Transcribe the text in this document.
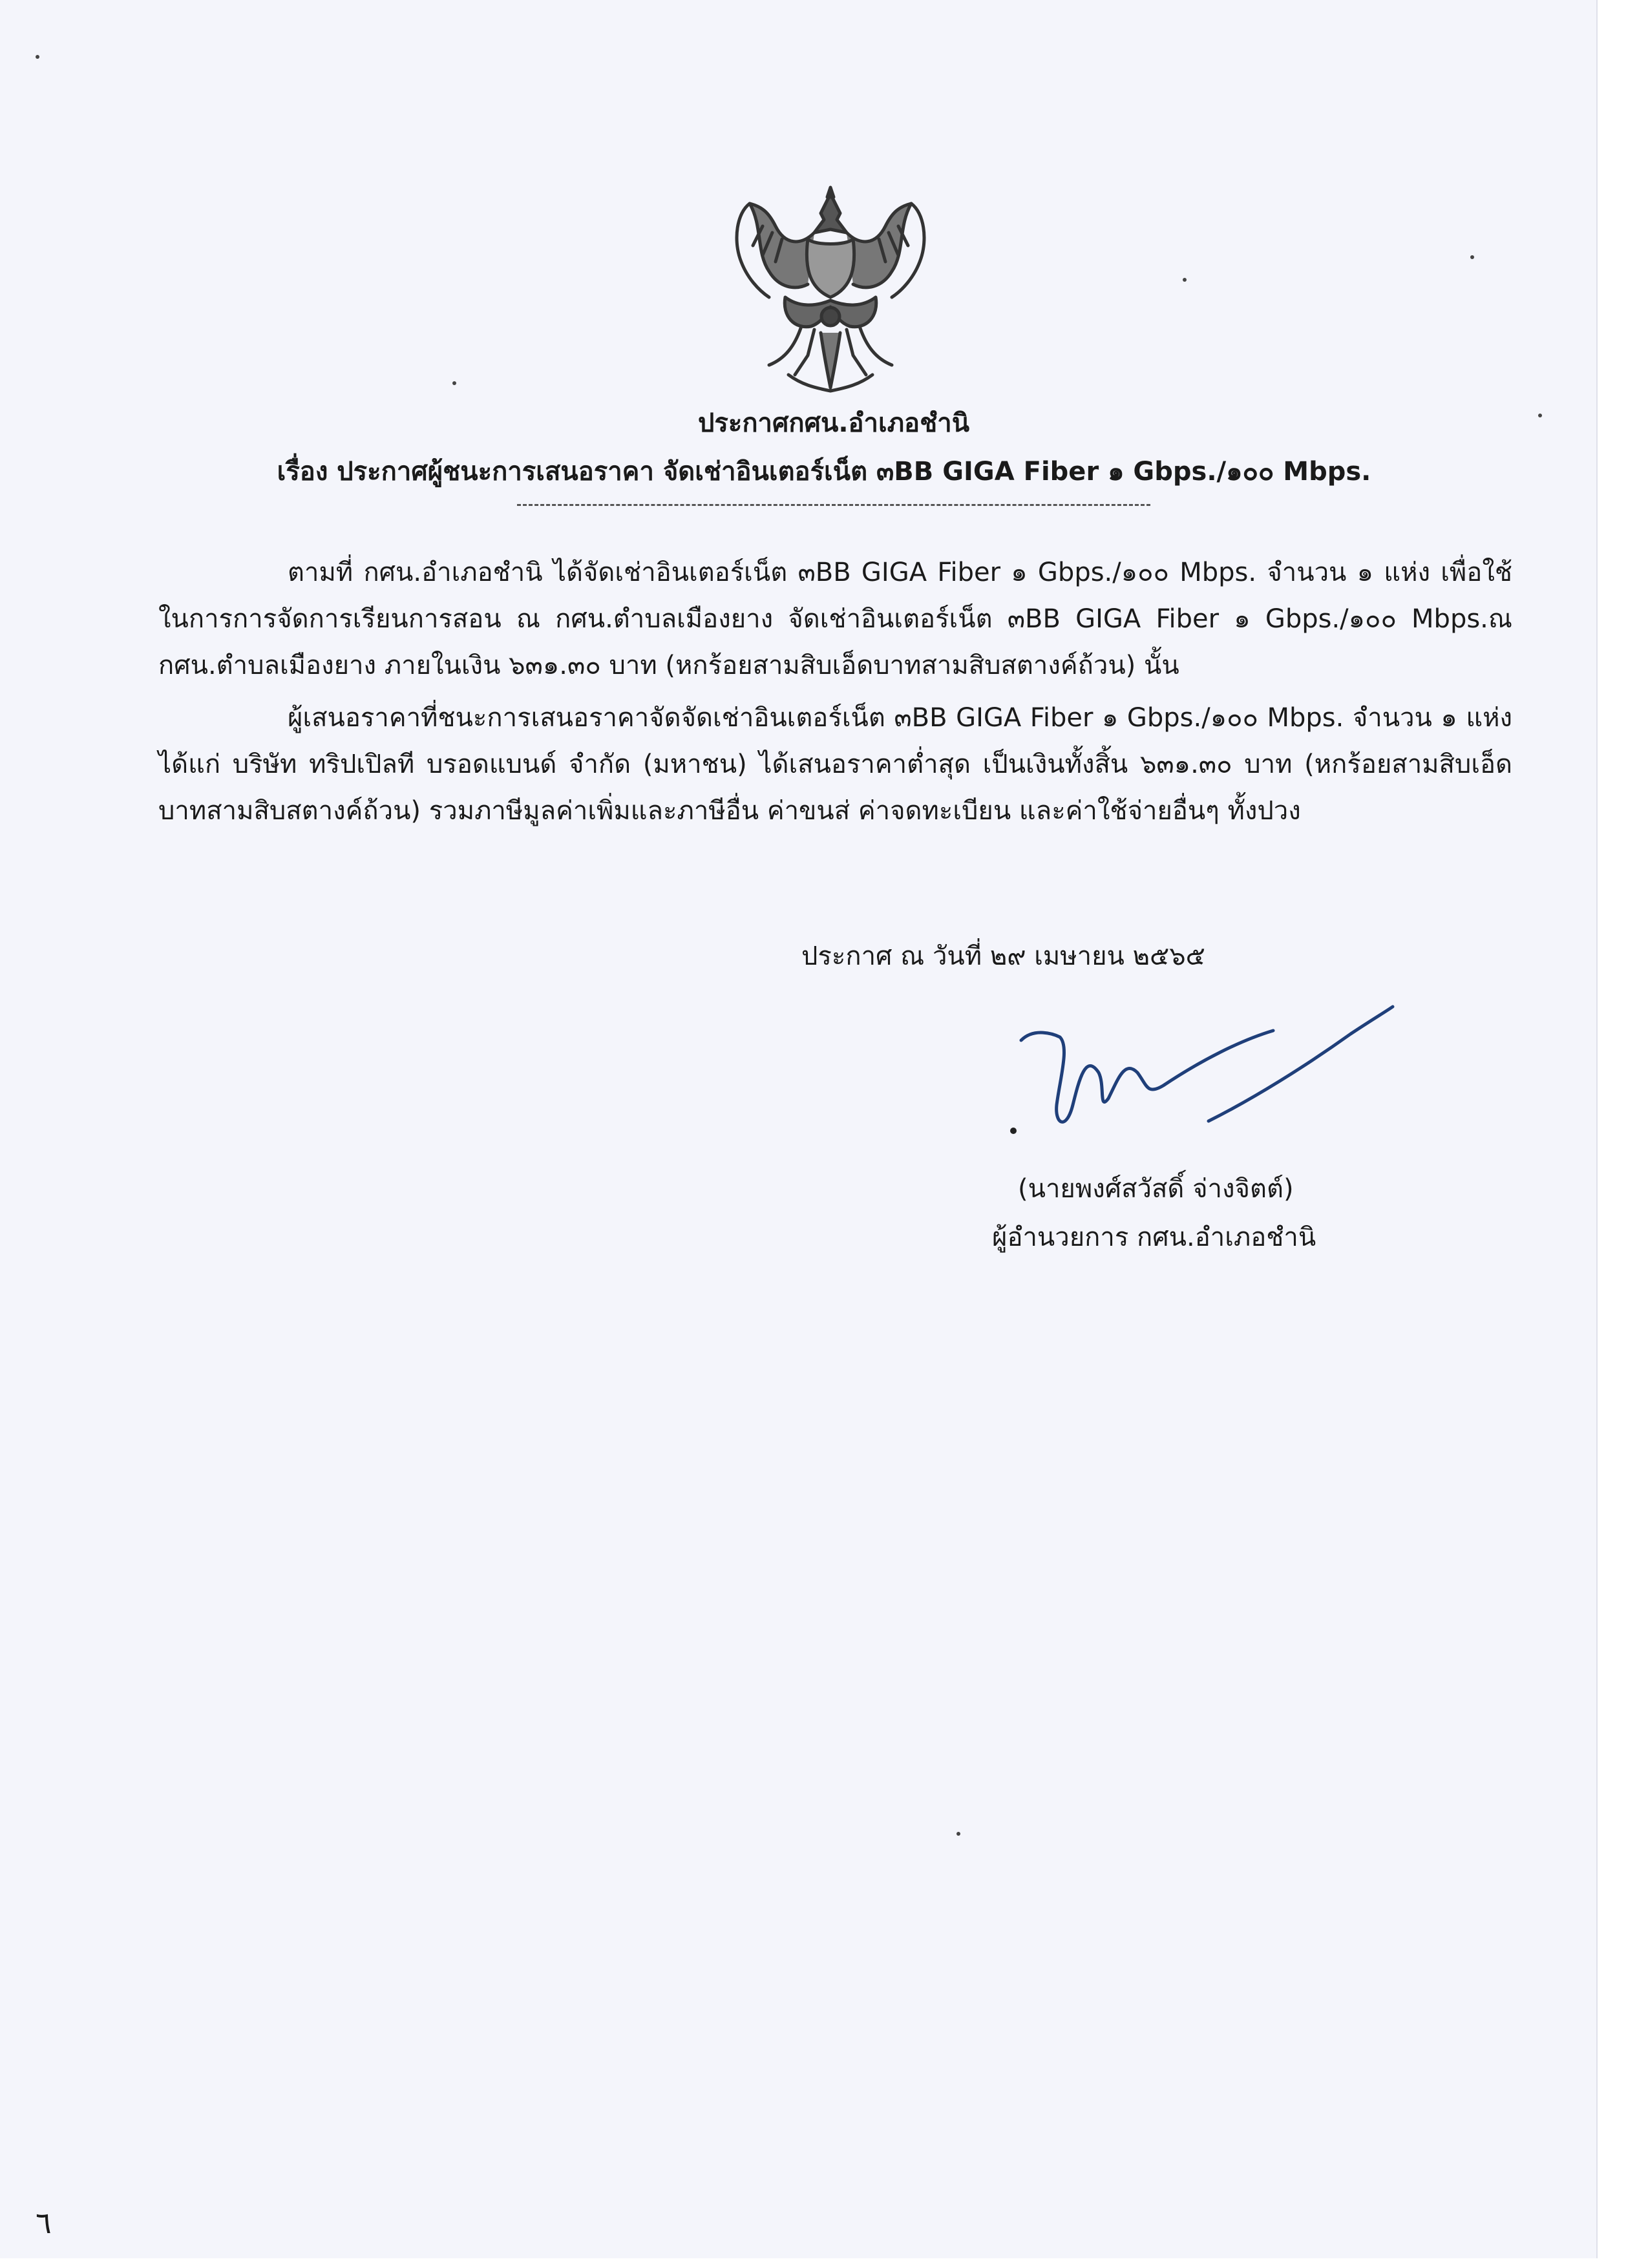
ประกาศกศน.อำเภอชำนิ
เรื่อง ประกาศผู้ชนะการเสนอราคา จัดเช่าอินเตอร์เน็ต ๓BB GIGA Fiber ๑ Gbps./๑๐๐ Mbps.
ตามที่ กศน.อำเภอชำนิ ได้จัดเช่าอินเตอร์เน็ต ๓BB GIGA Fiber ๑ Gbps./๑๐๐ Mbps. จำนวน ๑ แห่ง เพื่อใช้ในการการจัดการเรียนการสอน ณ กศน.ตำบลเมืองยาง จัดเช่าอินเตอร์เน็ต ๓BB GIGA Fiber ๑ Gbps./๑๐๐ Mbps.ณ กศน.ตำบลเมืองยาง ภายในเงิน ๖๓๑.๓๐ บาท (หกร้อยสามสิบเอ็ดบาทสามสิบสตางค์ถ้วน) นั้น
ผู้เสนอราคาที่ชนะการเสนอราคาจัดจัดเช่าอินเตอร์เน็ต ๓BB GIGA Fiber ๑ Gbps./๑๐๐ Mbps. จำนวน ๑ แห่ง ได้แก่ บริษัท ทริปเปิลที บรอดแบนด์ จำกัด (มหาชน) ได้เสนอราคาต่ำสุด เป็นเงินทั้งสิ้น ๖๓๑.๓๐ บาท (หกร้อยสามสิบเอ็ดบาทสามสิบสตางค์ถ้วน) รวมภาษีมูลค่าเพิ่มและภาษีอื่น ค่าขนส่ ค่าจดทะเบียน และค่าใช้จ่ายอื่นๆ ทั้งปวง
ประกาศ ณ วันที่ ๒๙ เมษายน ๒๕๖๕
(นายพงศ์สวัสดิ์ จ่างจิตต์)
ผู้อำนวยการ กศน.อำเภอชำนิ
٦
